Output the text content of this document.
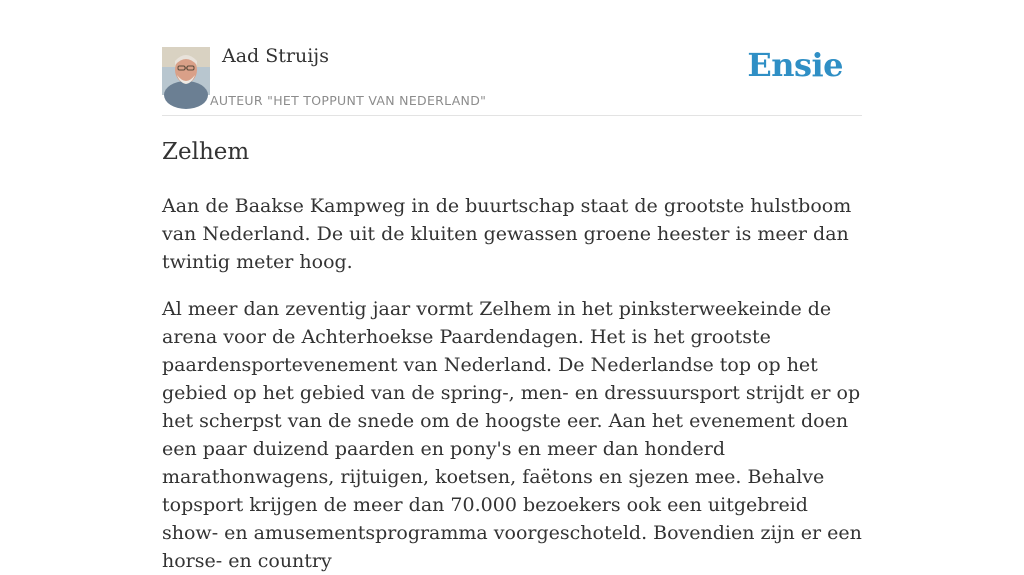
Aad Struijs
AUTEUR "HET TOPPUNT VAN NEDERLAND"
Ensie
Zelhem

Aan de Baakse Kampweg in de buurtschap staat de grootste hulstboom van Nederland. De uit de kluiten gewassen groene heester is meer dan twintig meter hoog.

Al meer dan zeventig jaar vormt Zelhem in het pinksterweekeinde de arena voor de Achterhoekse Paardendagen. Het is het grootste paardensportevenement van Nederland. De Nederlandse top op het gebied op het gebied van de spring-, men- en dressuursport strijdt er op het scherpst van de snede om de hoogste eer. Aan het evenement doen een paar duizend paarden en pony's en meer dan honderd marathonwagens, rijtuigen, koetsen, faëtons en sjezen mee. Behalve topsport krijgen de meer dan 70.000 bezoekers ook een uitgebreid show- en amusementsprogramma voorgeschoteld. Bovendien zijn er een horse- en country
